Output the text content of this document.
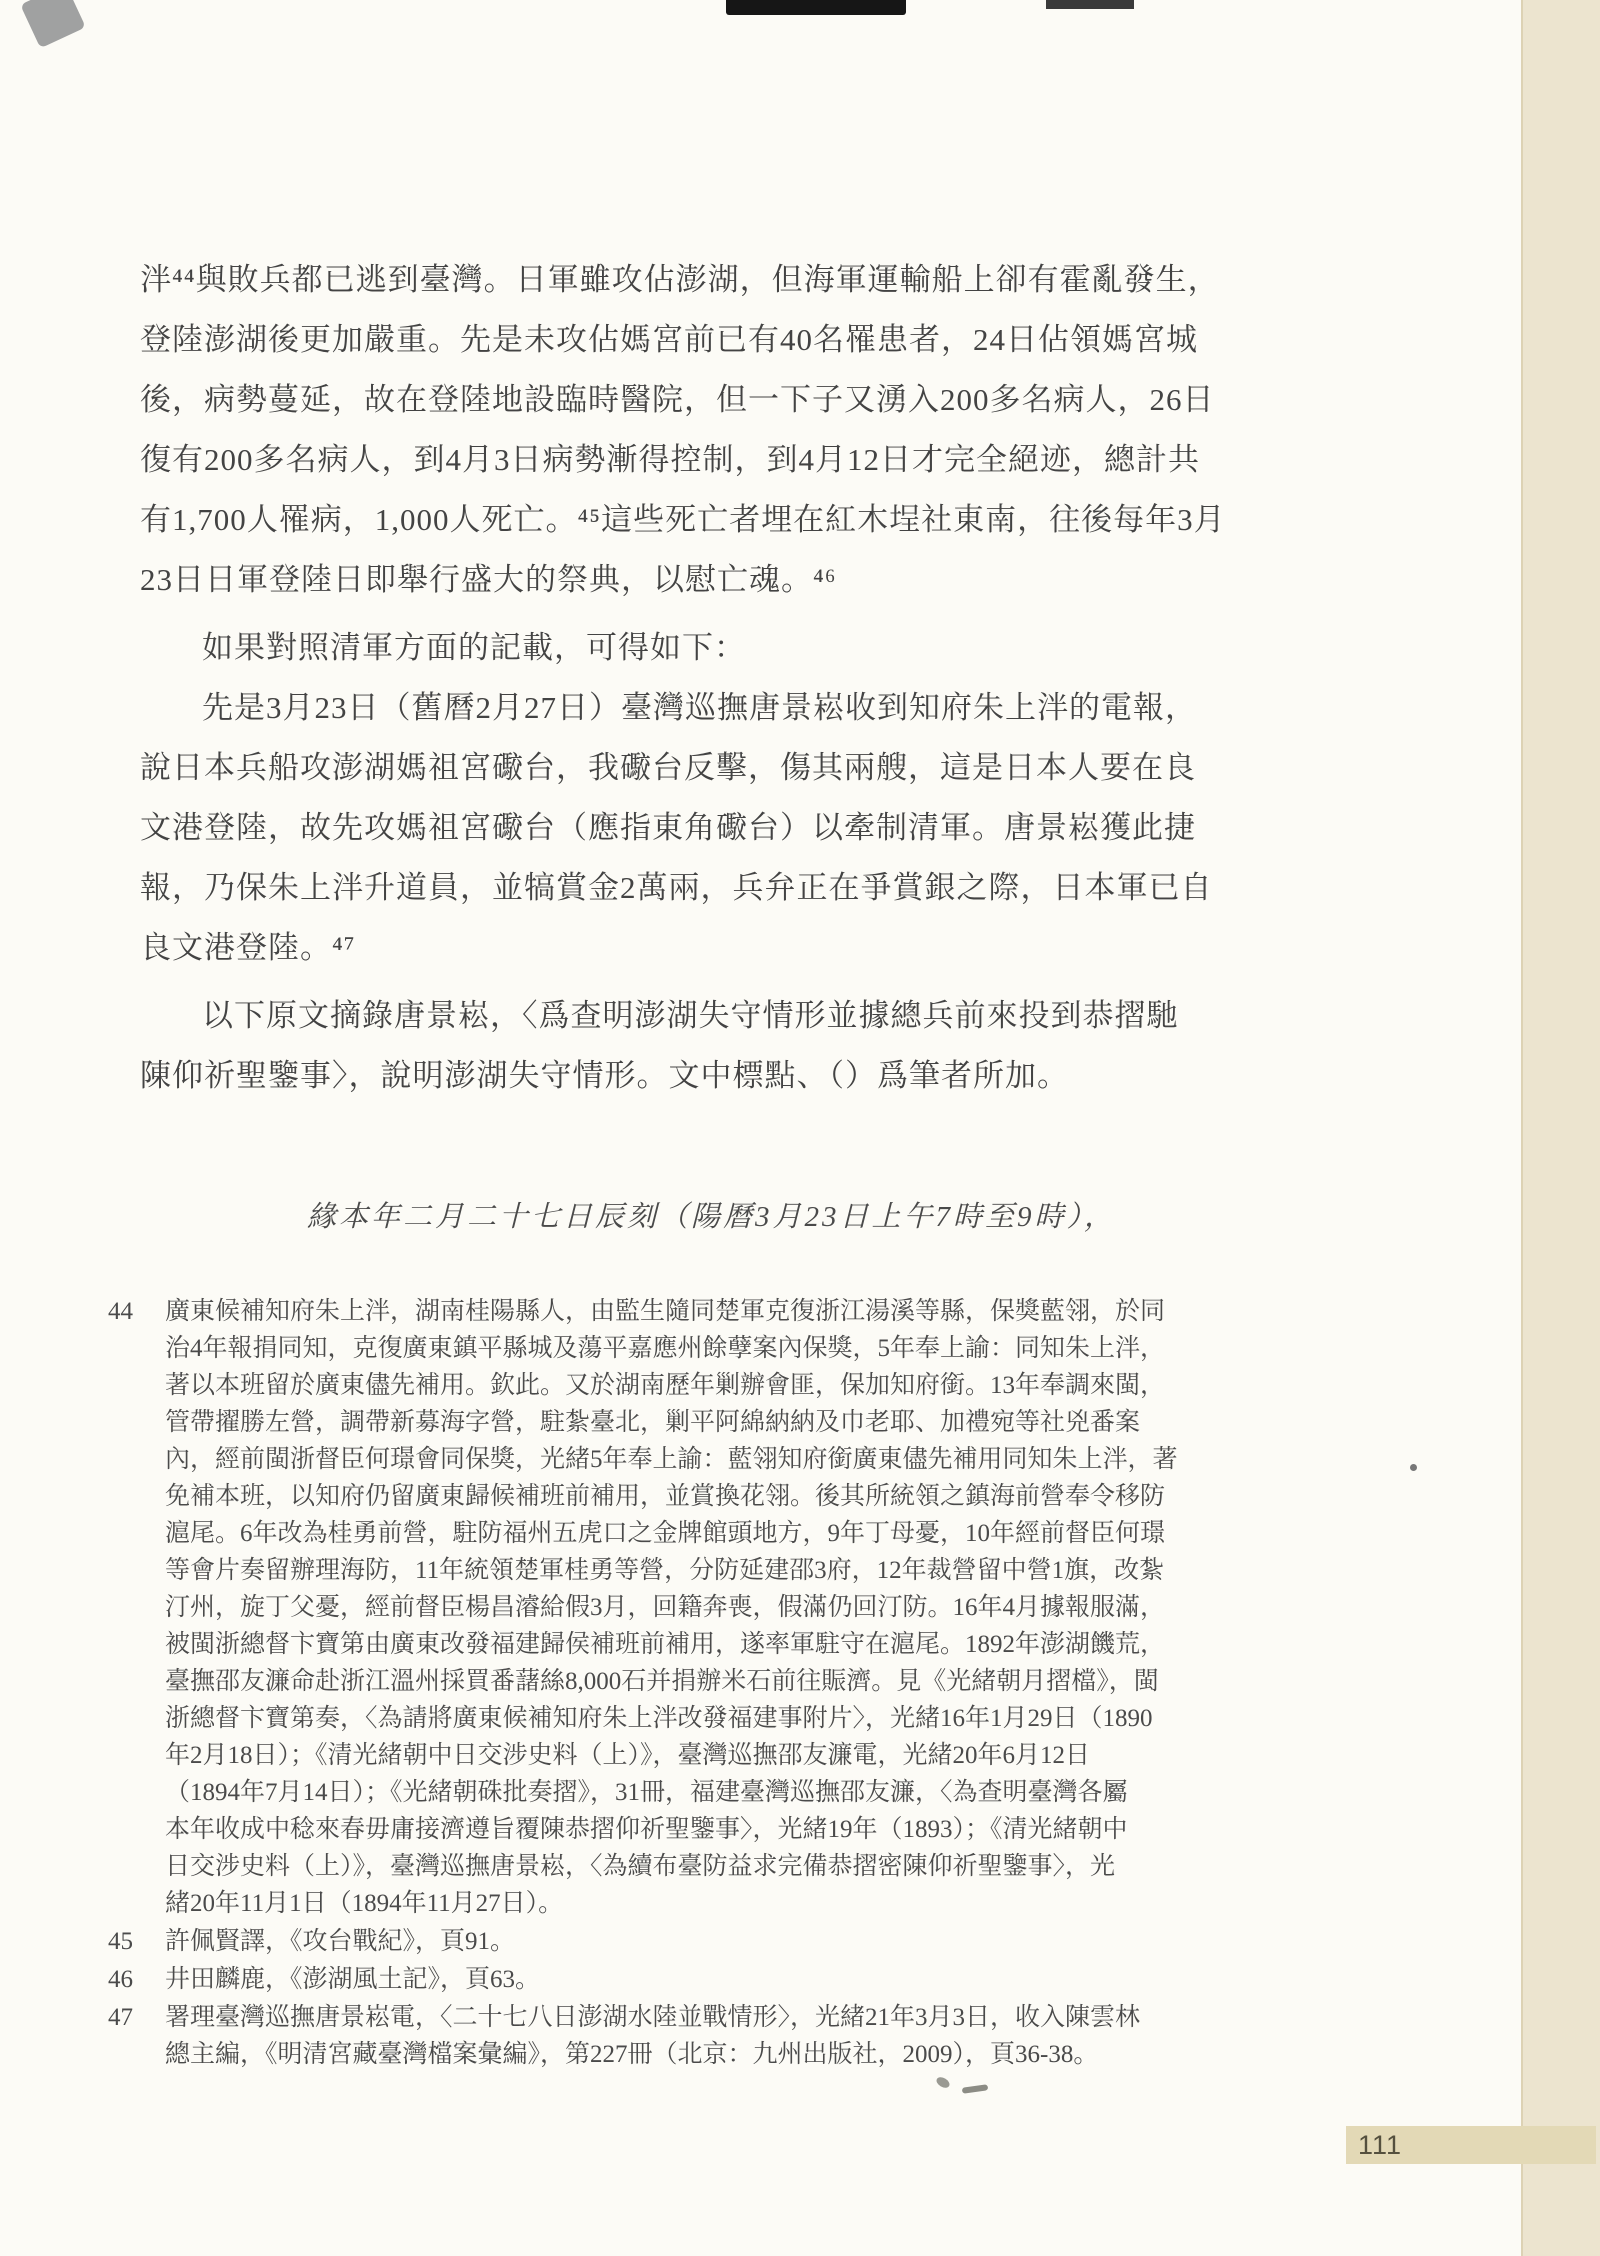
泮⁴⁴與敗兵都已逃到臺灣。日軍雖攻佔澎湖，但海軍運輸船上卻有霍亂發生，
登陸澎湖後更加嚴重。先是未攻佔媽宮前已有40名罹患者，24日佔領媽宮城
後，病勢蔓延，故在登陸地設臨時醫院，但一下子又湧入200多名病人，26日
復有200多名病人，到4月3日病勢漸得控制，到4月12日才完全絕迹，總計共
有1,700人罹病，1,000人死亡。⁴⁵這些死亡者埋在紅木埕社東南，往後每年3月
23日日軍登陸日即舉行盛大的祭典，以慰亡魂。⁴⁶
如果對照清軍方面的記載，可得如下：
先是3月23日（舊曆2月27日）臺灣巡撫唐景崧收到知府朱上泮的電報，
說日本兵船攻澎湖媽祖宮礮台，我礮台反擊，傷其兩艘，這是日本人要在良
文港登陸，故先攻媽祖宮礮台（應指東角礮台）以牽制清軍。唐景崧獲此捷
報，乃保朱上泮升道員，並犒賞金2萬兩，兵弁正在爭賞銀之際，日本軍已自
良文港登陸。⁴⁷
以下原文摘錄唐景崧，〈爲查明澎湖失守情形並據總兵前來投到恭摺馳
陳仰祈聖鑒事〉，說明澎湖失守情形。文中標點、（）爲筆者所加。
緣本年二月二十七日辰刻（陽曆3月23日上午7時至9時），
44	廣東候補知府朱上泮，湖南桂陽縣人，由監生隨同楚軍克復浙江湯溪等縣，保獎藍翎，於同
治4年報捐同知，克復廣東鎮平縣城及蕩平嘉應州餘孽案內保獎，5年奉上諭：同知朱上泮，
著以本班留於廣東儘先補用。欽此。又於湖南歷年剿辦會匪，保加知府銜。13年奉調來閩，
管帶擢勝左營，調帶新募海字營，駐紮臺北，剿平阿綿納納及巾老耶、加禮宛等社兇番案
內，經前閩浙督臣何璟會同保獎，光緒5年奉上諭：藍翎知府銜廣東儘先補用同知朱上泮，著
免補本班，以知府仍留廣東歸候補班前補用，並賞換花翎。後其所統領之鎮海前營奉令移防
滬尾。6年改為桂勇前營，駐防福州五虎口之金牌館頭地方，9年丁母憂，10年經前督臣何璟
等會片奏留辦理海防，11年統領楚軍桂勇等營，分防延建邵3府，12年裁營留中營1旗，改紮
汀州，旋丁父憂，經前督臣楊昌濬給假3月，回籍奔喪，假滿仍回汀防。16年4月據報服滿，
被閩浙總督卞寶第由廣東改發福建歸侯補班前補用，遂率軍駐守在滬尾。1892年澎湖饑荒，
臺撫邵友濂命赴浙江溫州採買番藷絲8,000石并捐辦米石前往賑濟。見《光緒朝月摺檔》，閩
浙總督卞寶第奏，〈為請將廣東候補知府朱上泮改發福建事附片〉，光緒16年1月29日（1890
年2月18日）；《清光緒朝中日交涉史料（上）》，臺灣巡撫邵友濂電，光緒20年6月12日
（1894年7月14日）；《光緒朝硃批奏摺》，31冊，福建臺灣巡撫邵友濂，〈為查明臺灣各屬
本年收成中稔來春毋庸接濟遵旨覆陳恭摺仰祈聖鑒事〉，光緒19年（1893）；《清光緒朝中
日交涉史料（上）》，臺灣巡撫唐景崧，〈為續布臺防益求完備恭摺密陳仰祈聖鑒事〉，光
緒20年11月1日（1894年11月27日）。
45	許佩賢譯，《攻台戰紀》，頁91。
46	井田麟鹿，《澎湖風土記》，頁63。
47	署理臺灣巡撫唐景崧電，〈二十七八日澎湖水陸並戰情形〉，光緒21年3月3日，收入陳雲林
總主編，《明清宮藏臺灣檔案彙編》，第227冊（北京：九州出版社，2009），頁36-38。
111
